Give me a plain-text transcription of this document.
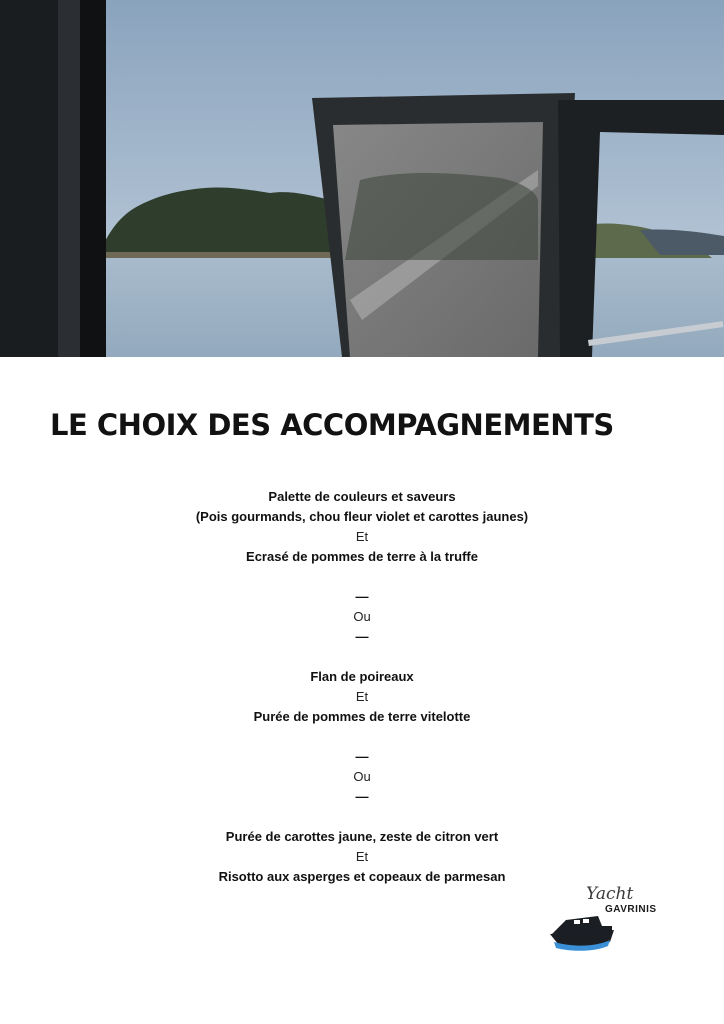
LE CHOIX DES ACCOMPAGNEMENTS
Palette de couleurs et saveurs
(Pois gourmands, chou fleur violet et carottes jaunes)
Et
Ecrasé de pommes de terre à la truffe
—
Ou
—
Flan de poireaux
Et
Purée de pommes de terre vitelotte
—
Ou
—
Purée de carottes jaune, zeste de citron vert
Et
Risotto aux asperges et copeaux de parmesan
Yacht
GAVRINIS
